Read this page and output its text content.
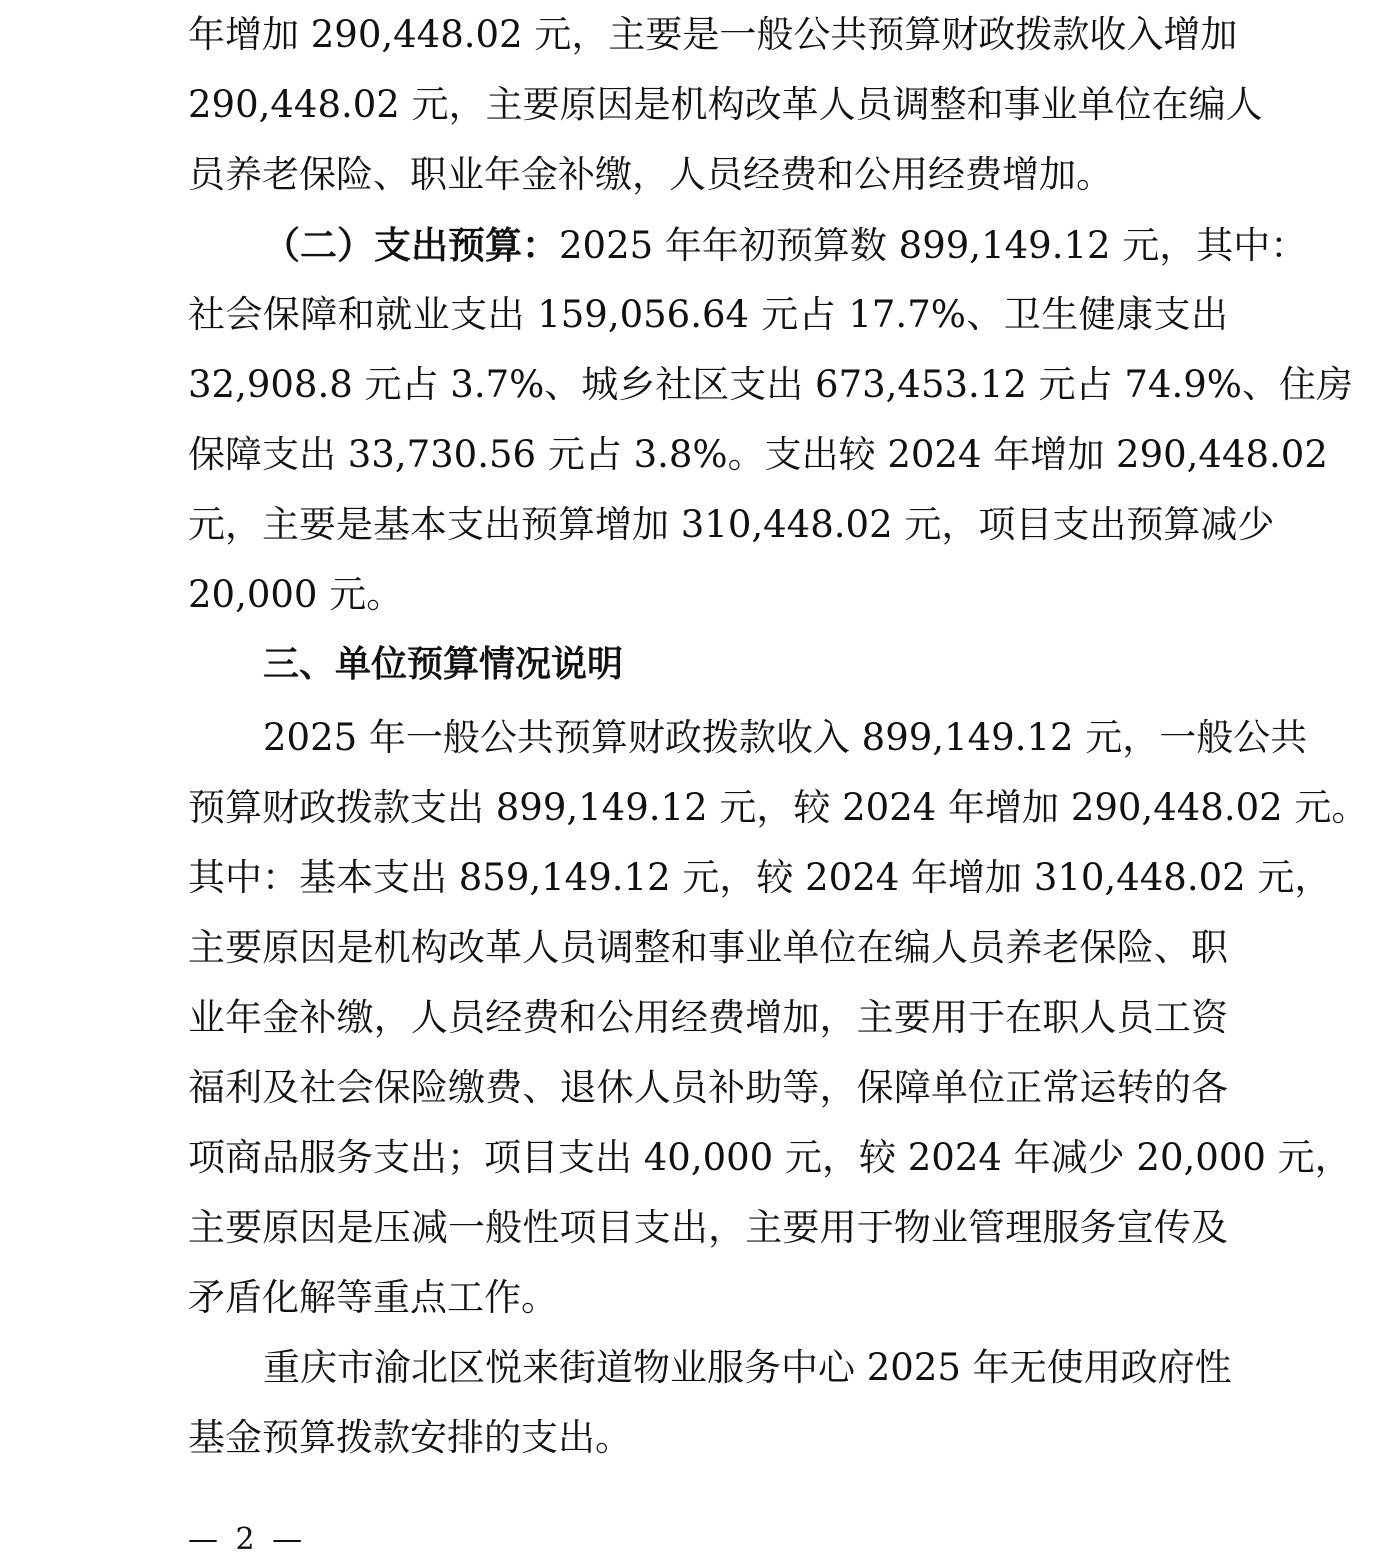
年增加 290,448.02 元，主要是一般公共预算财政拨款收入增加
290,448.02 元，主要原因是机构改革人员调整和事业单位在编人
员养老保险、职业年金补缴，人员经费和公用经费增加。
（二）支出预算：2025 年年初预算数 899,149.12 元，其中：
社会保障和就业支出 159,056.64 元占 17.7%、卫生健康支出
32,908.8 元占 3.7%、城乡社区支出 673,453.12 元占 74.9%、住房
保障支出 33,730.56 元占 3.8%。支出较 2024 年增加 290,448.02
元，主要是基本支出预算增加 310,448.02 元，项目支出预算减少
20,000 元。
三、单位预算情况说明
2025 年一般公共预算财政拨款收入 899,149.12 元，一般公共
预算财政拨款支出 899,149.12 元，较 2024 年增加 290,448.02 元。
其中：基本支出 859,149.12 元，较 2024 年增加 310,448.02 元，
主要原因是机构改革人员调整和事业单位在编人员养老保险、职
业年金补缴，人员经费和公用经费增加，主要用于在职人员工资
福利及社会保险缴费、退休人员补助等，保障单位正常运转的各
项商品服务支出；项目支出 40,000 元，较 2024 年减少 20,000 元，
主要原因是压减一般性项目支出，主要用于物业管理服务宣传及
矛盾化解等重点工作。
重庆市渝北区悦来街道物业服务中心 2025 年无使用政府性
基金预算拨款安排的支出。
— 2 —
